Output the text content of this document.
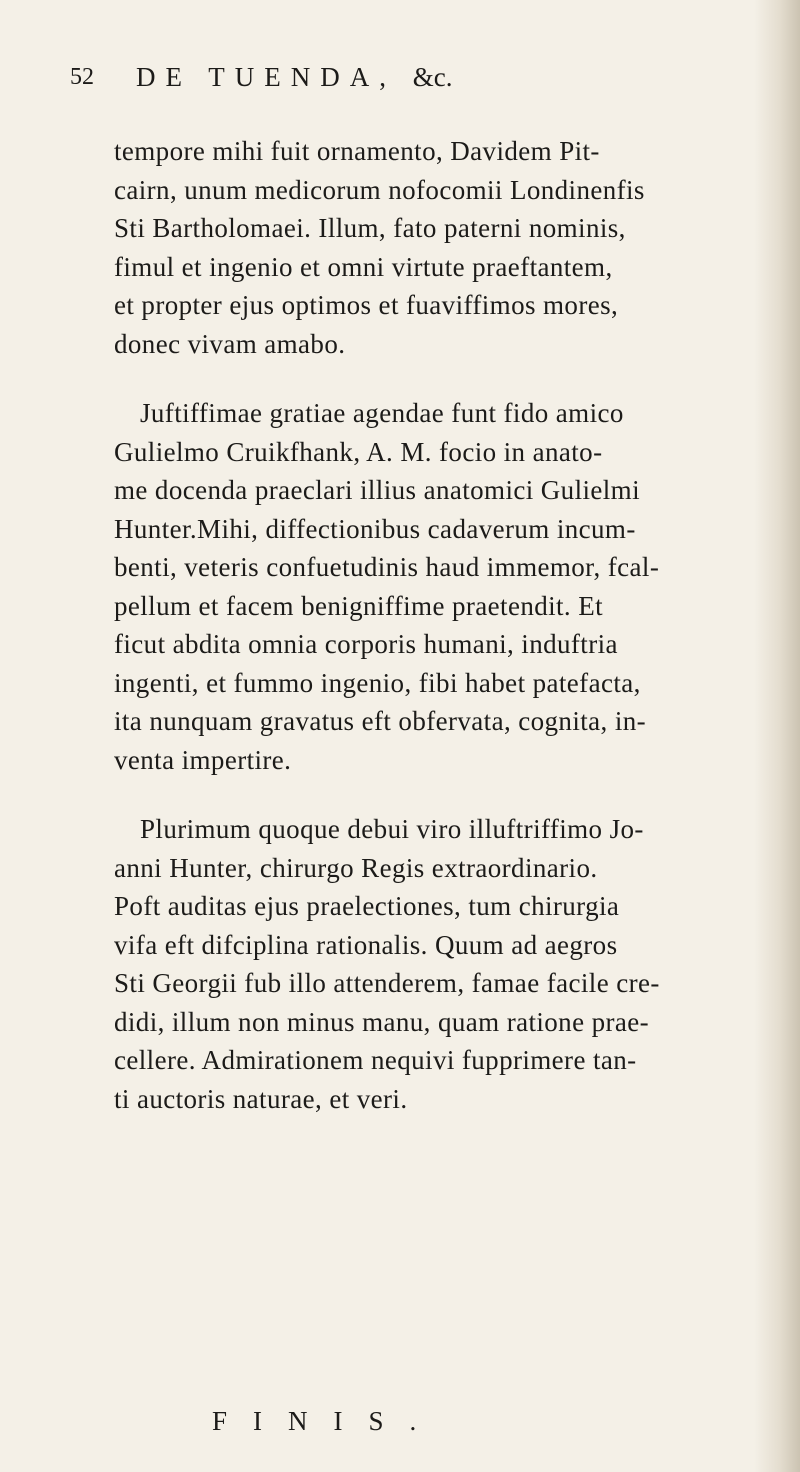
52 DE TUENDA, &c.
tempore mihi fuit ornamento, Davidem Pit-
cairn, unum medicorum nofocomii Londinenfis
Sti Bartholomaei. Illum, fato paterni nominis,
fimul et ingenio et omni virtute praeftantem,
et propter ejus optimos et fuaviffimos mores,
donec vivam amabo.
Juftiffimae gratiae agendae funt fido amico
Gulielmo Cruikfhank, A. M. focio in anato-
me docenda praeclari illius anatomici Gulielmi
Hunter.Mihi, diffectionibus cadaverum incum-
benti, veteris confuetudinis haud immemor, fcal-
pellum et facem benigniffime praetendit. Et
ficut abdita omnia corporis humani, induftria
ingenti, et fummo ingenio, fibi habet patefacta,
ita nunquam gravatus eft obfervata, cognita, in-
venta impertire.
Plurimum quoque debui viro illuftriffimo Jo-
anni Hunter, chirurgo Regis extraordinario.
Poft auditas ejus praelectiones, tum chirurgia
vifa eft difciplina rationalis. Quum ad aegros
Sti Georgii fub illo attenderem, famae facile cre-
didi, illum non minus manu, quam ratione prae-
cellere. Admirationem nequivi fupprimere tan-
ti auctoris naturae, et veri.
FINIS.
